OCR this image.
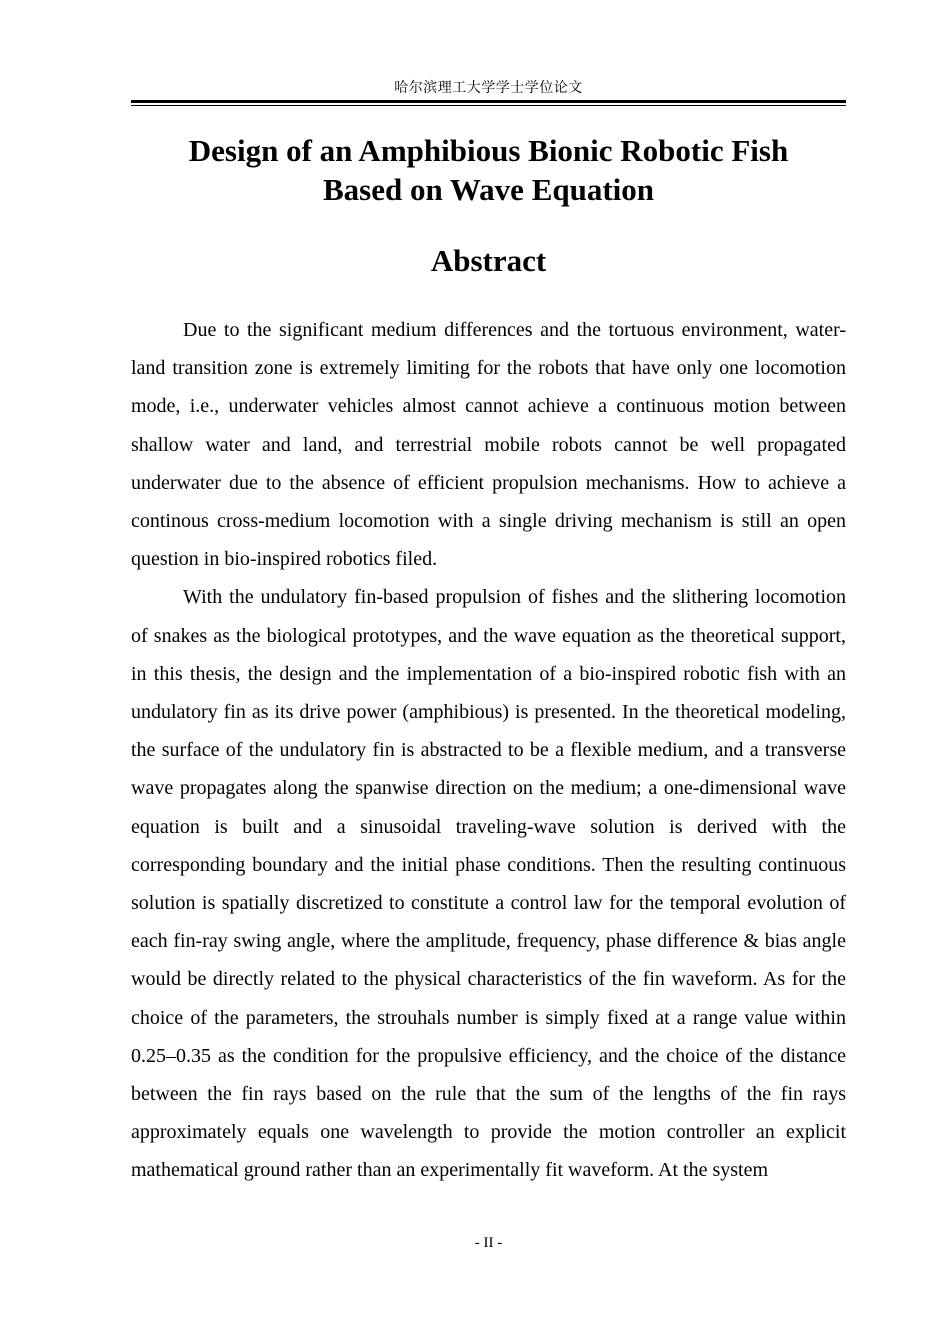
哈尔滨理工大学学士学位论文
Design of an Amphibious Bionic Robotic Fish
Based on Wave Equation
Abstract

Due to the significant medium differences and the tortuous environment, water-land transition zone is extremely limiting for the robots that have only one locomotion mode, i.e., underwater vehicles almost cannot achieve a continuous motion between shallow water and land, and terrestrial mobile robots cannot be well propagated underwater due to the absence of efficient propulsion mechanisms. How to achieve a continous cross-medium locomotion with a single driving mechanism is still an open question in bio-inspired robotics filed.

With the undulatory fin-based propulsion of fishes and the slithering locomotion of snakes as the biological prototypes, and the wave equation as the theoretical support, in this thesis, the design and the implementation of a bio-inspired robotic fish with an undulatory fin as its drive power (amphibious) is presented. In the theoretical modeling, the surface of the undulatory fin is abstracted to be a flexible medium, and a transverse wave propagates along the spanwise direction on the medium; a one-dimensional wave equation is built and a sinusoidal traveling-wave solution is derived with the corresponding boundary and the initial phase conditions. Then the resulting continuous solution is spatially discretized to constitute a control law for the temporal evolution of each fin-ray swing angle, where the amplitude, frequency, phase difference & bias angle would be directly related to the physical characteristics of the fin waveform. As for the choice of the parameters, the strouhals number is simply fixed at a range value within 0.25–0.35 as the condition for the propulsive efficiency, and the choice of the distance between the fin rays based on the rule that the sum of the lengths of the fin rays approximately equals one wavelength to provide the motion controller an explicit mathematical ground rather than an experimentally fit waveform. At the system

- II -
